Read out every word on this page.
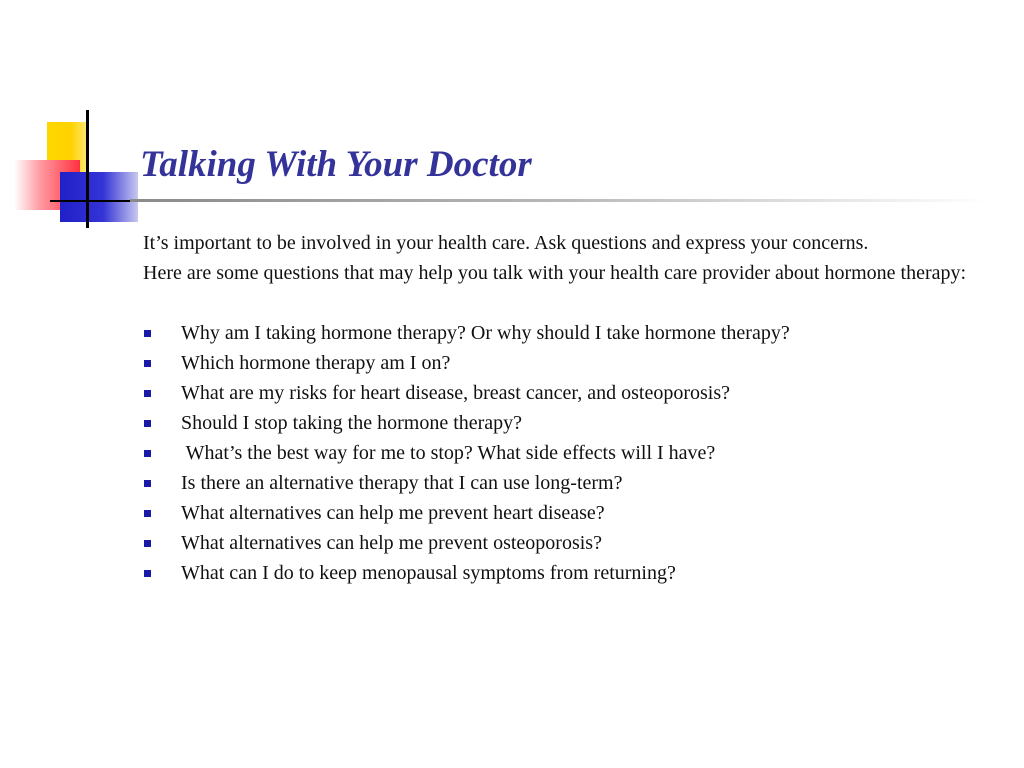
Talking With Your Doctor

It’s important to be involved in your health care. Ask questions and express your concerns.

Here are some questions that may help you talk with your health care provider about hormone therapy:

Why am I taking hormone therapy? Or why should I take hormone therapy?
Which hormone therapy am I on?
What are my risks for heart disease, breast cancer, and osteoporosis?
Should I stop taking the hormone therapy?
What’s the best way for me to stop? What side effects will I have?
Is there an alternative therapy that I can use long-term?
What alternatives can help me prevent heart disease?
What alternatives can help me prevent osteoporosis?
What can I do to keep menopausal symptoms from returning?
